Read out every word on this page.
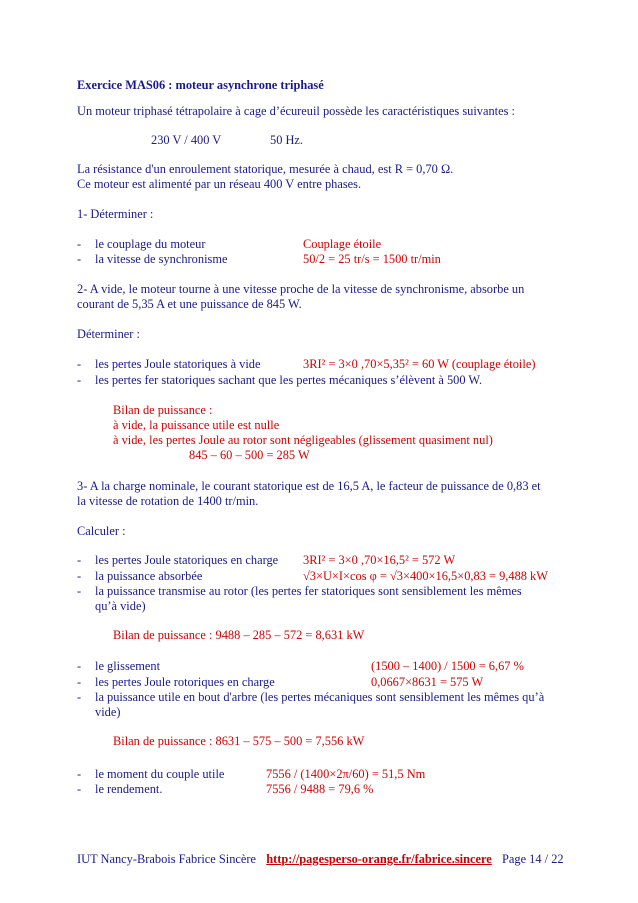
Exercice MAS06 : moteur asynchrone triphasé
Un moteur triphasé tétrapolaire à cage d’écureuil possède les caractéristiques suivantes :
230 V / 400 V	50 Hz.
La résistance d'un enroulement statorique, mesurée à chaud, est R = 0,70 Ω.
Ce moteur est alimenté par un réseau 400 V entre phases.
1- Déterminer :
- le couplage du moteur	Couplage étoile
- la vitesse de synchronisme	50/2 = 25 tr/s = 1500 tr/min
2- A vide, le moteur tourne à une vitesse proche de la vitesse de synchronisme, absorbe un
courant de 5,35 A et une puissance de 845 W.
Déterminer :
- les pertes Joule statoriques à vide	3RI² = 3×0 ,70×5,35² = 60 W (couplage étoile)
- les pertes fer statoriques sachant que les pertes mécaniques s’élèvent à 500 W.
Bilan de puissance :
à vide, la puissance utile est nulle
à vide, les pertes Joule au rotor sont négligeables (glissement quasiment nul)
845 – 60 – 500 = 285 W
3- A la charge nominale, le courant statorique est de 16,5 A, le facteur de puissance de 0,83 et
la vitesse de rotation de 1400 tr/min.
Calculer :
- les pertes Joule statoriques en charge 3RI² = 3×0 ,70×16,5² = 572 W
- la puissance absorbée	√3×U×I×cos φ = √3×400×16,5×0,83 = 9,488 kW
- la puissance transmise au rotor (les pertes fer statoriques sont sensiblement les mêmes
qu’à vide)
Bilan de puissance : 9488 – 285 – 572 = 8,631 kW
- le glissement	(1500 – 1400) / 1500 = 6,67 %
- les pertes Joule rotoriques en charge	0,0667×8631 = 575 W
- la puissance utile en bout d'arbre (les pertes mécaniques sont sensiblement les mêmes qu’à
vide)
Bilan de puissance : 8631 – 575 – 500 = 7,556 kW
- le moment du couple utile	7556 / (1400×2π/60) = 51,5 Nm
- le rendement.	7556 / 9488 = 79,6 %
IUT Nancy-Brabois Fabrice Sincère http://pagesperso-orange.fr/fabrice.sincere Page 14 / 22
